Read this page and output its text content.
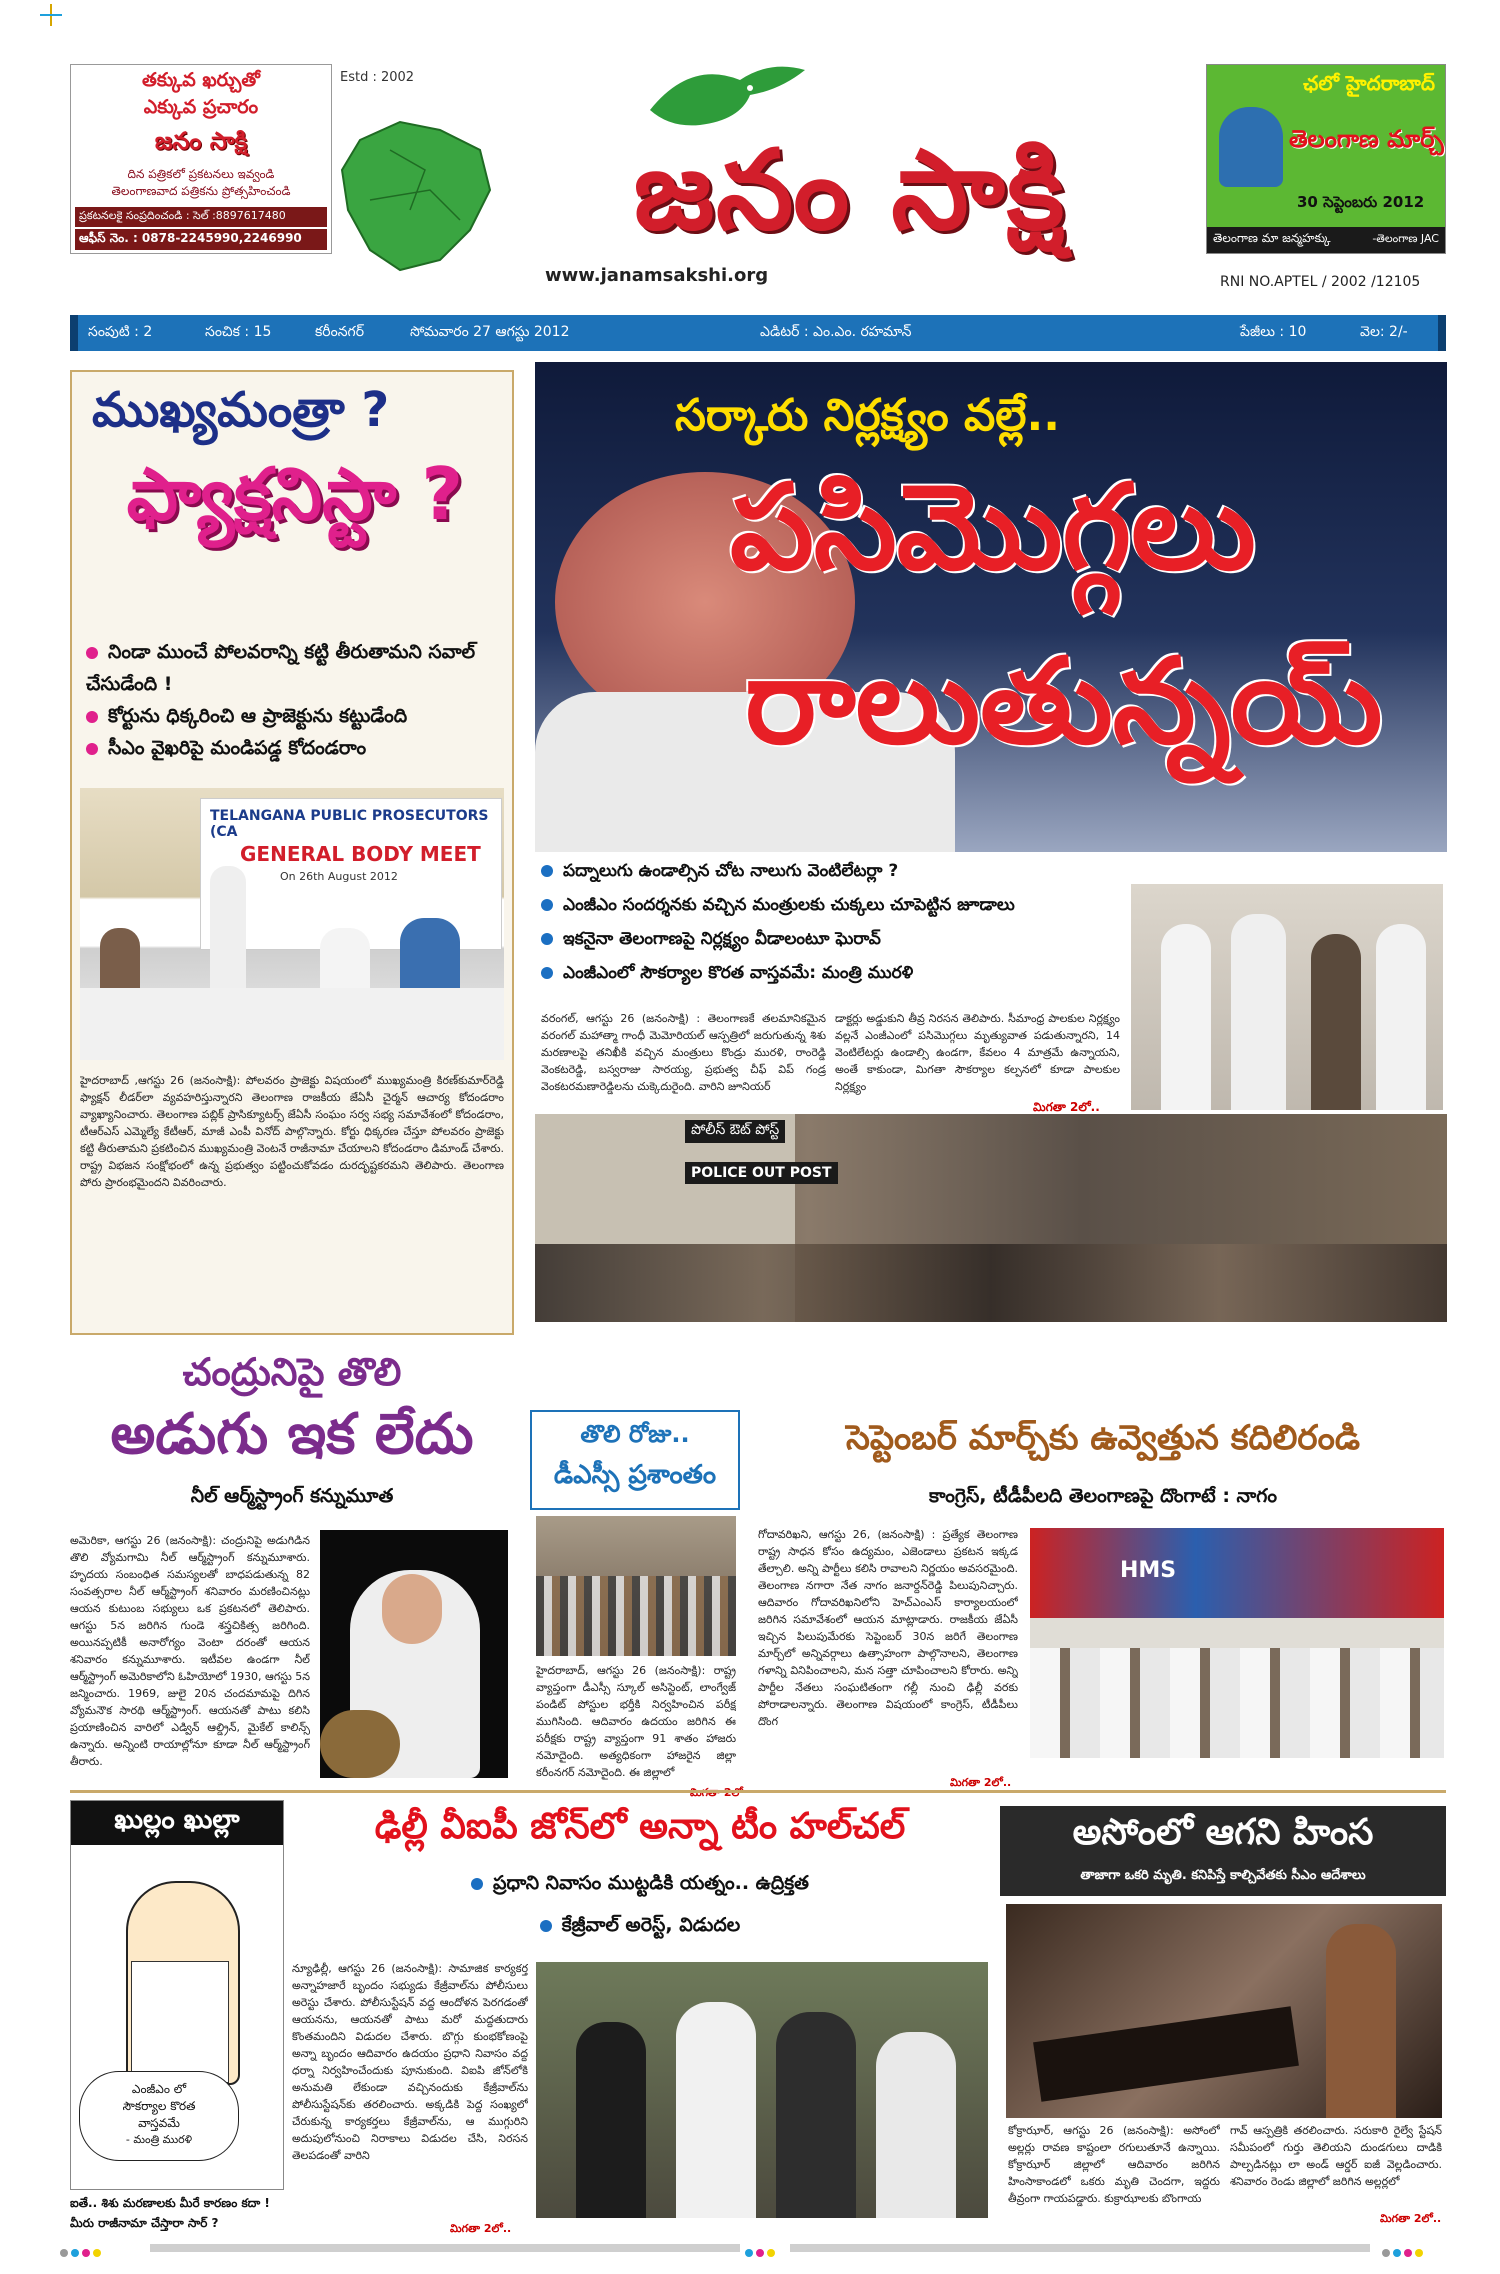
తక్కువ ఖర్చుతో
ఎక్కువ ప్రచారం
జనం సాక్షి
దిన పత్రికలో ప్రకటనలు ఇవ్వండి
తెలంగాణవాద పత్రికను ప్రోత్సహించండి
ప్రకటనలకై సంప్రదించండి : సెల్ :8897617480
ఆఫీస్ నెం. : 0878-2245990,2246990
Estd : 2002
జనం సాక్షి
www.janamsakshi.org
ఛలో హైదరాబాద్
తెలంగాణ మార్చ్
30 సెప్టెంబరు 2012
తెలంగాణ మా జన్మహక్కు	-తెలంగాణ JAC
RNI NO.APTEL / 2002 /12105
సంపుటి : 2	సంచిక : 15	కరీంనగర్	సోమవారం 27 ఆగస్టు 2012	ఎడిటర్ : ఎం.ఎం. రహమాన్	పేజీలు : 10	వెల: 2/-
ముఖ్యమంత్రా ?
ఫ్యాక్షనిస్టా ?
నిండా ముంచే పోలవరాన్ని కట్టి తీరుతామని సవాల్ చేసుడేంది !
కోర్టును ధిక్కరించి ఆ ప్రాజెక్టును కట్టుడేంది
సీఎం వైఖరిపై మండిపడ్డ కోదండరాం
TELANGANA PUBLIC PROSECUTORS (CA
GENERAL BODY MEET
On 26th August 2012
హైదరాబాద్ ,ఆగస్టు 26 (జనంసాక్షి): పోలవరం ప్రాజెక్టు విషయంలో ముఖ్యమంత్రి కిరణ్‌కుమార్‌రెడ్డి ఫ్యాక్షన్ లీడర్‌లా వ్యవహరిస్తున్నారని తెలంగాణ రాజకీయ జేఏసీ చైర్మన్ ఆచార్య కోదండరాం వ్యాఖ్యానించారు. తెలంగాణ పబ్లిక్ ప్రాసిక్యూటర్స్ జేఏసీ సంఘం సర్వ సభ్య సమావేశంలో కోదండరాం, టీఆర్‌ఎస్ ఎమ్మెల్యే కేటీఆర్, మాజీ ఎంపీ వినోద్ పాల్గొన్నారు. కోర్టు ధిక్కరణ చేస్తూ పోలవరం ప్రాజెక్టు కట్టి తీరుతామని ప్రకటించిన ముఖ్యమంత్రి వెంటనే రాజీనామా చేయాలని కోదండరాం డిమాండ్ చేశారు. రాష్ట్ర విభజన సంక్షోభంలో ఉన్న ప్రభుత్వం పట్టించుకోవడం దురదృష్టకరమని తెలిపారు. తెలంగాణ పోరు ప్రారంభమైందని వివరించారు.
సర్కారు నిర్లక్ష్యం వల్లే..
పసిమొగ్గలు
రాలుతున్నయ్
పద్నాలుగు ఉండాల్సిన చోట నాలుగు వెంటిలేటర్లా ?
ఎంజీఎం సందర్శనకు వచ్చిన మంత్రులకు చుక్కలు చూపెట్టిన జూడాలు
ఇకనైనా తెలంగాణపై నిర్లక్ష్యం వీడాలంటూ ఘెరావ్
ఎంజీఎంలో సౌకర్యాల కొరత వాస్తవమే: మంత్రి మురళి
వరంగల్, ఆగస్టు 26 (జనంసాక్షి) : తెలంగాణకే తలమానికమైన వరంగల్ మహాత్మా గాంధీ మెమోరియల్ ఆస్పత్రిలో జరుగుతున్న శిశు మరణాలపై తనిఖీకి వచ్చిన మంత్రులు కొండ్రు మురళి, రాంరెడ్డి వెంకటరెడ్డి, బస్వరాజు సారయ్య, ప్రభుత్వ చీఫ్ విప్ గండ్ర వెంకటరమణారెడ్డిలను చుక్కెదురైంది. వారిని జూనియర్
డాక్టర్లు అడ్డుకుని తీవ్ర నిరసన తెలిపారు. సీమాంధ్ర పాలకుల నిర్లక్ష్యం వల్లనే ఎంజీఎంలో పసిమొగ్గలు మృత్యువాత పడుతున్నారని, 14 వెంటిలేటర్లు ఉండాల్సి ఉండగా, కేవలం 4 మాత్రమే ఉన్నాయని, అంతే కాకుండా, మిగతా సౌకర్యాల కల్పనలో కూడా పాలకుల నిర్లక్ష్యం
మిగతా 2లో..
పోలీస్ ఔట్ పోస్ట్
POLICE OUT POST
చంద్రునిపై తొలి
అడుగు ఇక లేదు
నీల్ ఆర్మ్‌స్ట్రాంగ్ కన్నుమూత
అమెరికా, ఆగస్టు 26 (జనంసాక్షి): చంద్రునిపై అడుగిడిన తొలి వ్యోమగామి నీల్ ఆర్మ్‌స్ట్రాంగ్ కన్నుమూశారు. హృదయ సంబంధిత సమస్యలతో బాధపడుతున్న 82 సంవత్సరాల నీల్ ఆర్మ్‌స్ట్రాంగ్ శనివారం మరణించినట్లు ఆయన కుటుంబ సభ్యులు ఒక ప్రకటనలో తెలిపారు. ఆగస్టు 5న జరిగిన గుండె శస్త్రచికిత్స జరిగింది. అయినప్పటికీ అనారోగ్యం వెంటా దరంతో ఆయన శనివారం కన్నుమూశారు. ఇటీవల ఉండగా నీల్ ఆర్మ్‌స్ట్రాంగ్ అమెరికాలోని ఓహియోలో 1930, ఆగస్టు 5న జన్మించారు. 1969, జులై 20న చందమామపై దిగిన వ్యోమనౌక సారథి ఆర్మ్‌స్ట్రాంగ్. ఆయనతో పాటు కలిసి ప్రయాణించిన వారిలో ఎడ్విన్ ఆల్డ్రిన్, మైకేల్ కాలిన్స్ ఉన్నారు. అన్నింటి రాయాల్లోనూ కూడా నీల్ ఆర్మ్‌స్ట్రాంగ్ తీరారు.
తొలి రోజు..
డీఎస్సీ ప్రశాంతం
హైదరాబాద్, ఆగస్టు 26 (జనంసాక్షి): రాష్ట్ర వ్యాప్తంగా డీఎస్సీ స్కూల్ అసిస్టెంట్, లాంగ్వేజ్ పండిట్ పోస్టుల భర్తీకి నిర్వహించిన పరీక్ష ముగిసింది. ఆదివారం ఉదయం జరిగిన ఈ పరీక్షకు రాష్ట్ర వ్యాప్తంగా 91 శాతం హాజరు నమోదైంది. అత్యధికంగా హాజరైన జిల్లా కరీంనగర్ నమోదైంది. ఈ జిల్లాలో
సెప్టెంబర్ మార్చ్‌కు ఉవ్వెత్తున కదిలిరండి
కాంగ్రెస్, టీడీపీలది తెలంగాణపై దొంగాటే : నాగం
గోదావరిఖని, ఆగస్టు 26, (జనంసాక్షి) : ప్రత్యేక తెలంగాణ రాష్ట్ర సాధన కోసం ఉద్యమం, ఎజెండాలు ప్రకటన ఇక్కడ తేల్చాలి. అన్ని పార్టీలు కలిసి రావాలని నిర్ణయం అవసరమైంది. తెలంగాణ నగారా నేత నాగం జనార్దన్‌రెడ్డి పిలుపునిచ్చారు. ఆదివారం గోదావరిఖనిలోని హెచ్‌ఎంఎస్ కార్యాలయంలో జరిగిన సమావేశంలో ఆయన మాట్లాడారు. రాజకీయ జేఏసీ ఇచ్చిన పిలుపుమేరకు సెప్టెంబర్ 30న జరిగే తెలంగాణ మార్చ్‌లో అన్నివర్గాలు ఉత్సాహంగా పాల్గొనాలని, తెలంగాణ గళాన్ని వినిపించాలని, మన సత్తా చూపించాలని కోరారు. అన్ని పార్టీల నేతలు సంఘటితంగా గల్లీ నుంచి ఢిల్లీ వరకు పోరాడాలన్నారు. తెలంగాణ విషయంలో కాంగ్రెస్, టీడీపీలు దొంగ
మిగతా 2లో..
HMS
ఖుల్లం ఖుల్లా
ఎంజీఎం లో
సౌకర్యాల కొరత
వాస్తవమే
- మంత్రి మురళి
ఐతే.. శిశు మరణాలకు మీరే కారణం కదా !
మీరు రాజీనామా చేస్తారా సార్ ?
ఢిల్లీ వీఐపీ జోన్‌లో అన్నా టీం హల్‌చల్
ప్రధాని నివాసం ముట్టడికి యత్నం.. ఉద్రిక్తత
కేజ్రీవాల్ అరెస్ట్, విడుదల
న్యూఢిల్లీ, ఆగస్టు 26 (జనంసాక్షి): సామాజిక కార్యకర్త అన్నాహజారే బృందం సభ్యుడు కేజ్రీవాల్‌ను పోలీసులు అరెస్టు చేశారు. పోలీసుస్టేషన్ వద్ద ఆందోళన పెరగడంతో ఆయనను, ఆయనతో పాటు మరో మద్దతుదారు కొంతమందిని విడుదల చేశారు. బొగ్గు కుంభకోణంపై అన్నా బృందం ఆదివారం ఉదయం ప్రధాని నివాసం వద్ద ధర్నా నిర్వహించేందుకు పూనుకుంది. విఐపి జోన్‌లోకి అనుమతి లేకుండా వచ్చినందుకు కేజ్రీవాల్‌ను పోలీసుస్టేషన్‌కు తరలించారు. అక్కడికి పెద్ద సంఖ్యలో చేరుకున్న కార్యకర్తలు కేజ్రీవాల్‌ను, ఆ ముగ్గురిని అదుపులోనుంచి నిరాకాలు విడుదల చేసి, నిరసన తెలపడంతో వారిని
మిగతా 2లో..
అసోంలో ఆగని హింస
తాజాగా ఒకరి మృతి. కనిపిస్తే కాల్చివేతకు సీఎం ఆదేశాలు
కోక్రాఝార్, ఆగస్టు 26 (జనంసాక్షి): అసోంలో అల్లర్లు రావణ కాష్టంలా రగులుతూనే ఉన్నాయి. కోక్రాఝార్ జిల్లాలో ఆదివారం జరిగిన హింసాకాండలో ఒకరు మృతి చెందగా, ఇద్దరు తీవ్రంగా గాయపడ్డారు. కుక్రాఝాలకు బొంగాయ
గావ్ ఆస్పత్రికి తరలించారు. సరుకారి రైల్వే స్టేషన్ సమీపంలో గుర్తు తెలియని దుండగులు దాడికి పాల్పడినట్లు లా అండ్ ఆర్డర్ ఐజీ వెల్లడించారు. శనివారం రెండు జిల్లాలో జరిగిన అల్లర్లలో
మిగతా 2లో..
